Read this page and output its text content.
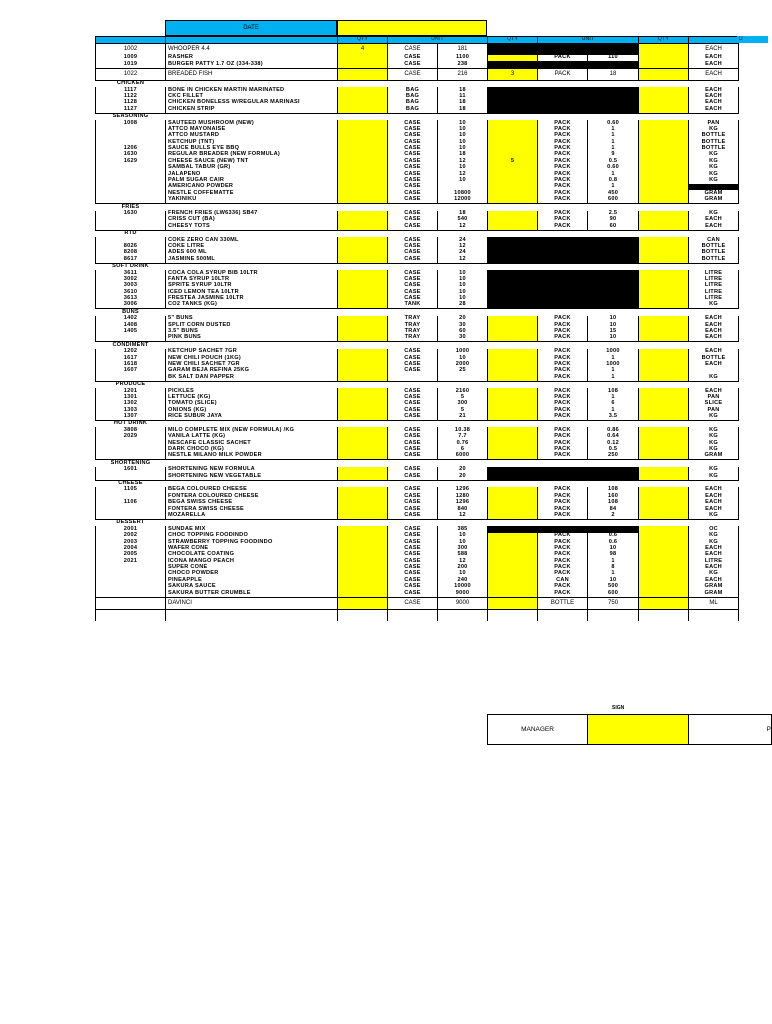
DATE
		QTY	UNIT		QTY	UNIT		QTY	
1002	WHOOPER 4.4	4	CASE	181					EACH
1009	RASHER		CASE	1100		PACK	110		EACH
1019	BURGER PATTY 1.7 OZ (334-338)		CASE	238					EACH
1022	BREADED FISH		CASE	216	3	PACK	18		EACH
CHICKEN									
1117	BONE IN CHICKEN MARTIN MARINATED		BAG	18					EACH
1122	CKC FILLET		BAG	11					EACH
1128	CHICKEN BONELESS W/REGULAR MARINASI		BAG	18					EACH
1127	CHICKEN STRIP		BAG	18					EACH
SEASONING									
1008	SAUTEED MUSHROOM (NEW)		CASE	10		PACK	0.60		PAN
	ATTCO MAYONAISE		CASE	10		PACK	1		KG
	ATTCO MUSTARD		CASE	10		PACK	1		BOTTLE
	KETCHUP (TNT)		CASE	10		PACK	1		BOTTLE
1206	SAUCE BULLS EYE BBQ		CASE	10		PACK	1		BOTTLE
1630	REGULAR BREADER (NEW FORMULA)		CASE	18		PACK	9		KG
1629	CHEESE SAUCE (NEW) TNT		CASE	12	5	PACK	0.5		KG
	SAMBAL TABUR (GR)		CASE	10		PACK	0.60		KG
	JALAPENO		CASE	12		PACK	1		KG
	PALM SUGAR CAIR		CASE	10		PACK	0.8		KG
	AMERICANO POWDER		CASE			PACK	1		
	NESTLE COFFEMATTE		CASE	10800		PACK	450		GRAM
	YAKINIKU		CASE	12000		PACK	600		GRAM
FRIES									
1630	FRENCH FRIES (LW6336) SB47		CASE	18		PACK	2.5		KG
	CRISS CUT (BA)		CASE	540		PACK	90		EACH
	CHEESY TOTS		CASE	12		PACK	60		EACH
RTD									
	COKE ZERO CAN 330ML		CASE	24					CAN
8026	COKE LITRE		CASE	12					BOTTLE
8208	ADES 600 ML		CASE	24					BOTTLE
8617	JASMINE 500ML		CASE	12					BOTTLE
SOFT DRINK									
3611	COCA COLA SYRUP BIB 10LTR		CASE	10					LITRE
3002	FANTA SYRUP 10LTR		CASE	10					LITRE
3003	SPRITE SYRUP 10LTR		CASE	10					LITRE
3610	ICED LEMON TEA 10LTR		CASE	10					LITRE
3613	FRESTEA JASMINE 10LTR		CASE	10					LITRE
3006	CO2 TANKS (KG)		TANK	28					KG
BUNS									
1402	5" BUNS		TRAY	20		PACK	10		EACH
1408	SPLIT CORN DUSTED		TRAY	30		PACK	10		EACH
1405	3.5" BUNS		TRAY	60		PACK	15		EACH
	PINK BUNS		TRAY	30		PACK	10		EACH
CONDIMENT									
1202	KETCHUP SACHET 7GR		CASE	1000		PACK	1000		EACH
1617	NEW CHILI POUCH (1KG)		CASE	10		PACK	1		BOTTLE
1618	NEW CHILI SACHET 7GR		CASE	2000		PACK	1000		EACH
1607	GARAM BEJA REFINA 25KG		CASE	25		PACK	1		
	BK SALT DAN PAPPER					PACK	1		KG
PRODUCE									
1201	PICKLES		CASE	2160		PACK	108		EACH
1301	LETTUCE (KG)		CASE	5		PACK	1		PAN
1302	TOMATO (SLICE)		CASE	300		PACK	6		SLICE
1303	ONIONS (KG)		CASE	5		PACK	1		PAN
1307	RICE SUBUR JAYA		CASE	21		PACK	3.5		KG
HOT DRINK									
3808	MILO COMPLETE MIX (NEW FORMULA) /KG		CASE	10.38		PACK	0.86		KG
2029	VANILA LATTE (KG)		CASE	7.7		PACK	0.64		KG
	NESCAFE CLASSIC SACHET		CASE	0.76		PACK	0.12		KG
	DARK CHOCO (KG)		CASE	6		PACK	0.5		KG
	NESTLE MILANO MILK POWDER		CASE	6000		PACK	250		GRAM
SHORTENING									
1601	SHORTENING NEW FORMULA		CASE	20					KG
	SHORTENING NEW VEGETABLE		CASE	20					KG
CHEESE									
1105	BEGA COLOURED CHEESE		CASE	1296		PACK	108		EACH
	FONTERA COLOURED CHEESE		CASE	1280		PACK	160		EACH
1106	BEGA SWISS CHEESE		CASE	1296		PACK	108		EACH
	FONTERA SWISS CHEESE		CASE	840		PACK	84		EACH
	MOZARELLA		CASE	12		PACK	2		KG
DESSERT									
2001	SUNDAE MIX		CASE	385					OC
2002	CHOC TOPPING FOODINDO		CASE	10		PACK	0.6		KG
2003	STRAWBERRY TOPPING FOODINDO		CASE	10		PACK	0.6		KG
2004	WAFER CONE		CASE	300		PACK	10		EACH
2005	CHOCOLATE COATING		CASE	588		PACK	98		EACH
2021	ICONA MANGO PEACH		CASE	12		PACK	1		LITRE
	SUPER CONE		CASE	200		PACK	8		EACH
	CHOCO POWDER		CASE	10		PACK	1		KG
	PINEAPPLE		CASE	240		CAN	10		EACH
	SAKURA SAUCE		CASE	10000		PACK	500		GRAM
	SAKURA BUTTER CRUMBLE		CASE	9000		PACK	600		GRAM
	DAVINCI		CASE	9000		BOTTLE	750		ML

U
SIGN
MANAGER	P
